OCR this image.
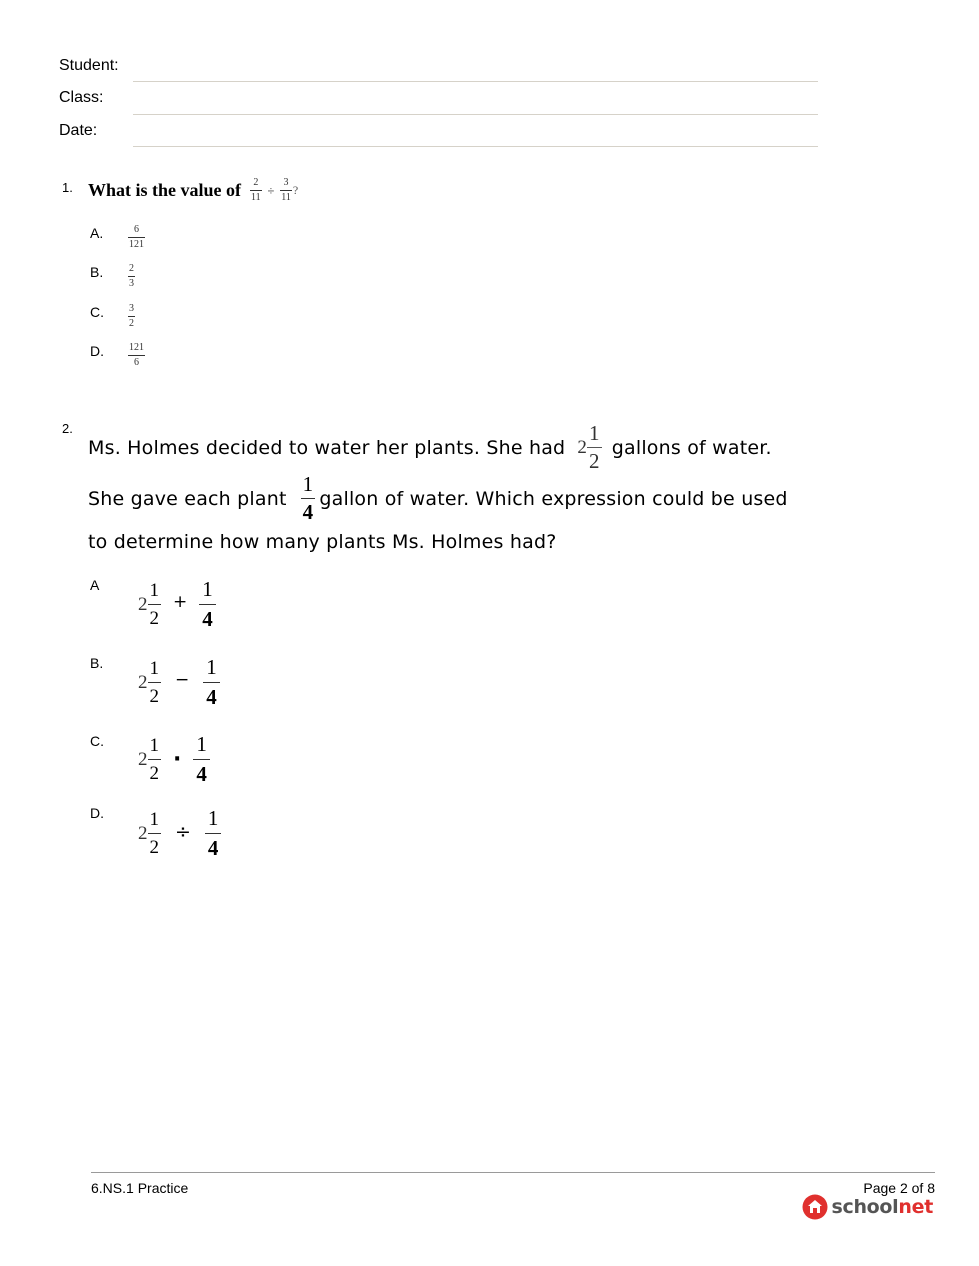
Student:
Class:
Date:
1. What is the value of $\frac{2}{11} \div \frac{3}{11}$ ?
A. $\frac{6}{121}$
B. $\frac{2}{3}$
C. $\frac{3}{2}$
D. $\frac{121}{6}$
2.
Ms. Holmes decided to water her plants. She had $2 \frac{1}{2}$ gallons of water.
She gave each plant $\frac{1}{4}$ gallon of water. Which expression could be used
to determine how many plants Ms. Holmes had?
A
$2 \frac{1}{2} + \frac{1}{4}$
B.
$2 \frac{1}{2} - \frac{1}{4}$
C.
$2 \frac{1}{2} \cdot \frac{1}{4}$
D.
$2 \frac{1}{2} \div \frac{1}{4}$
6.NS.1 Practice	Page 2 of 8
school net
